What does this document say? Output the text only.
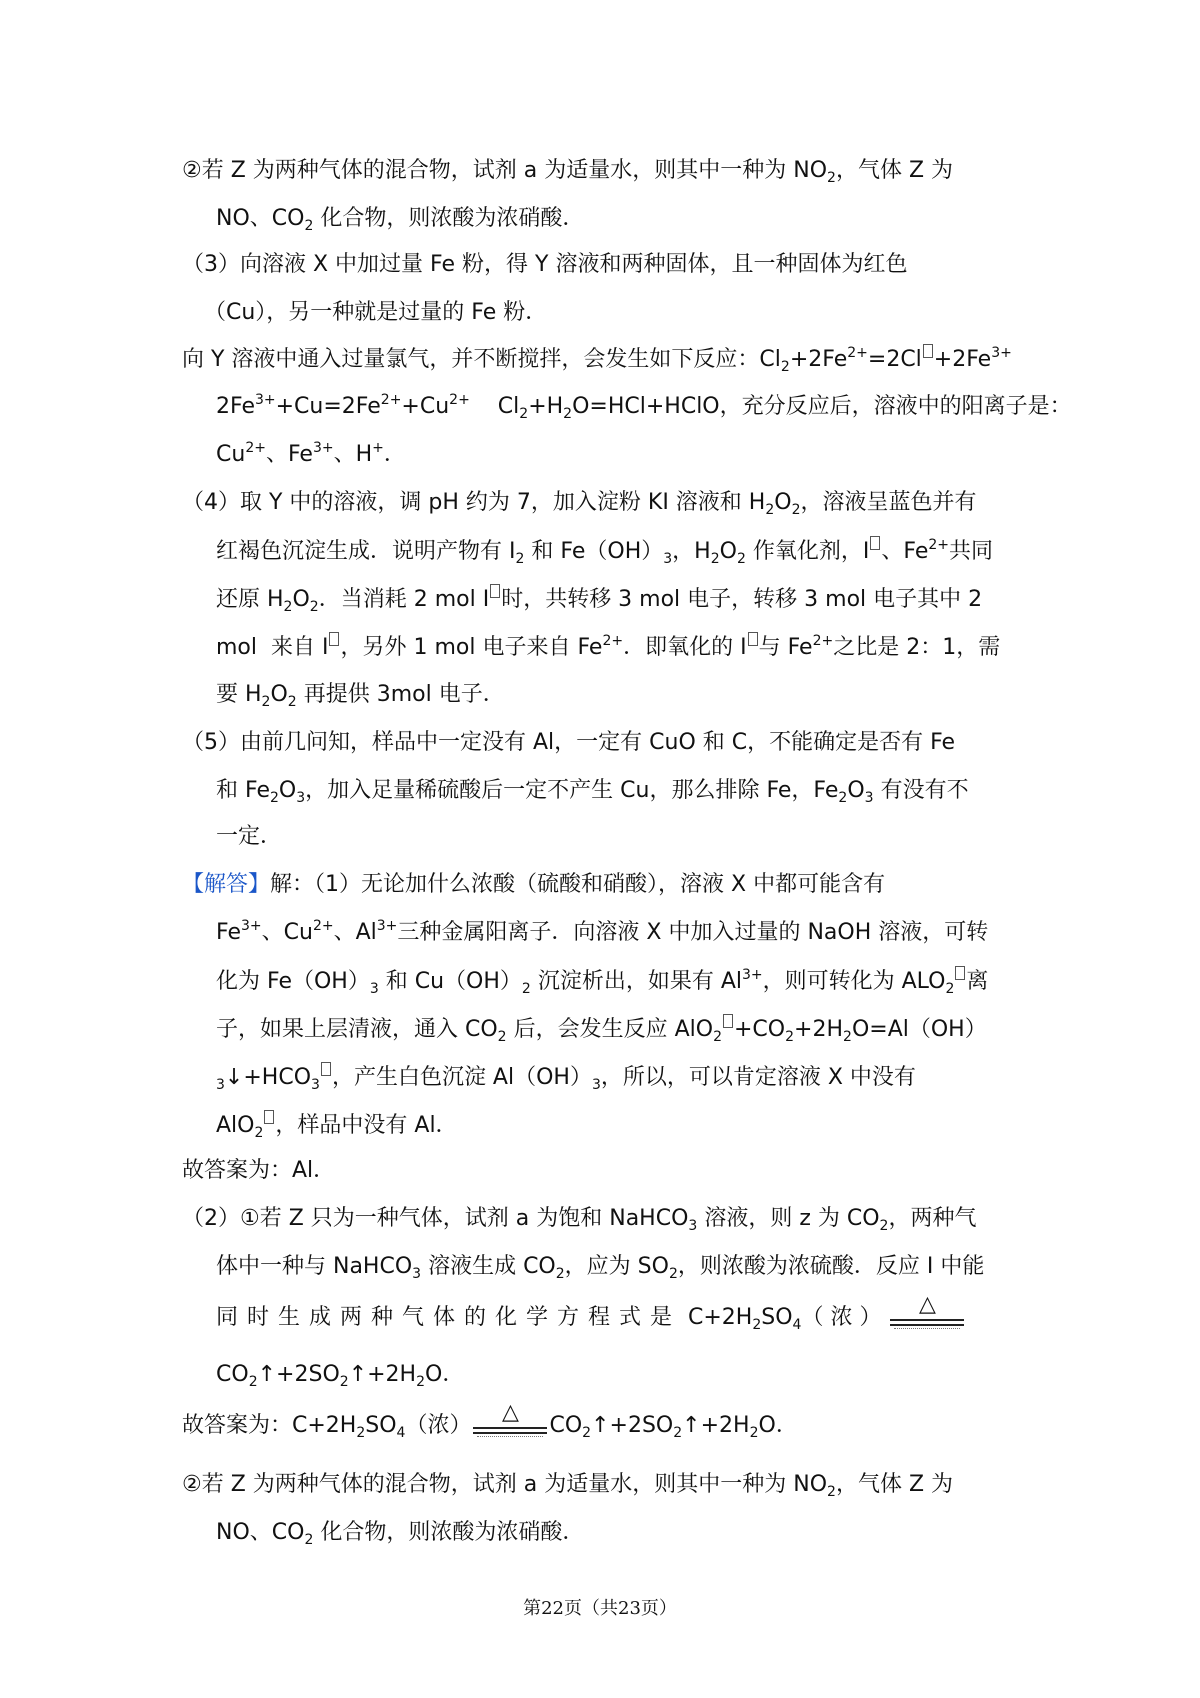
②若 Z 为两种气体的混合物，试剂 a 为适量水，则其中一种为 $NO_2$，气体 Z 为
NO、$CO_2$ 化合物，则浓酸为浓硝酸．
（3）向溶液 X 中加过量 Fe 粉，得 Y 溶液和两种固体，且一种固体为红色
（Cu），另一种就是过量的 Fe 粉．
向 Y 溶液中通入过量氯气，并不断搅拌，会发生如下反应：$Cl_2+2Fe^{2+}=2Cl +2Fe^{3+}$
$2Fe^{3+}+Cu=2Fe^{2+}+Cu^{2+}$    $Cl_2+H_2O=HCl+HClO$，充分反应后，溶液中的阳离子是：
$Cu^{2+}$、$Fe^{3+}$、H+．
（4）取 Y 中的溶液，调 pH 约为 7，加入淀粉 KI 溶液和 $H_2O_2$，溶液呈蓝色并有
红褐色沉淀生成．说明产物有 $I_2$ 和 $Fe(OH)_3$，$H_2O_2$ 作氧化剂，I 、$Fe^{2+}$共同
还原 $H_2O_2$．当消耗 2 mol I 时，共转移 3 mol 电子，转移 3 mol 电子其中 2
mol  来自 I ，另外 1 mol 电子来自 $Fe^{2+}$．即氧化的 I 与 $Fe^{2+}$之比是 2：1，需
要 $H_2O_2$ 再提供 3mol 电子．
（5）由前几问知，样品中一定没有 Al，一定有 CuO 和 C，不能确定是否有 Fe
和 $Fe_2O_3$，加入足量稀硫酸后一定不产生 Cu，那么排除 Fe，$Fe_2O_3$ 有没有不
一定．
【解答】解：（1）无论加什么浓酸（硫酸和硝酸），溶液 X 中都可能含有
$Fe^{3+}$、$Cu^{2+}$、$Al^{3+}$三种金属阳离子．向溶液 X 中加入过量的 NaOH 溶液，可转
化为 $Fe(OH)_3$ 和 $Cu(OH)_2$ 沉淀析出，如果有 $Al^{3+}$，则可转化为 $ALO_2$ 离
子，如果上层清液，通入 $CO_2$ 后，会发生反应 $AlO_2 +CO_2+2H_2O=Al(OH)$
$_3↓+HCO_3$ ，产生白色沉淀 $Al(OH)_3$，所以，可以肯定溶液 X 中没有
AlO$_2$ ，样品中没有 Al．
故答案为：Al．
（2）①若 Z 只为一种气体，试剂 a 为饱和 NaHCO$_3$ 溶液，则 z 为 $CO_2$，两种气
体中一种与 NaHCO$_3$ 溶液生成 $CO_2$，应为 $SO_2$，则浓酸为浓硫酸．反应 I 中能
同时生成两种气体的化学方程式是 $C+2H_2SO_4$（ 浓 ）
△
$CO_2↑+2SO_2↑+2H_2O$．
故答案为：$C+2H_2SO_4$（浓）
△
$CO_2↑+2SO_2↑+2H_2O$．
②若 Z 为两种气体的混合物，试剂 a 为适量水，则其中一种为 $NO_2$，气体 Z 为
NO、$CO_2$ 化合物，则浓酸为浓硝酸．
第22页（共23页）
